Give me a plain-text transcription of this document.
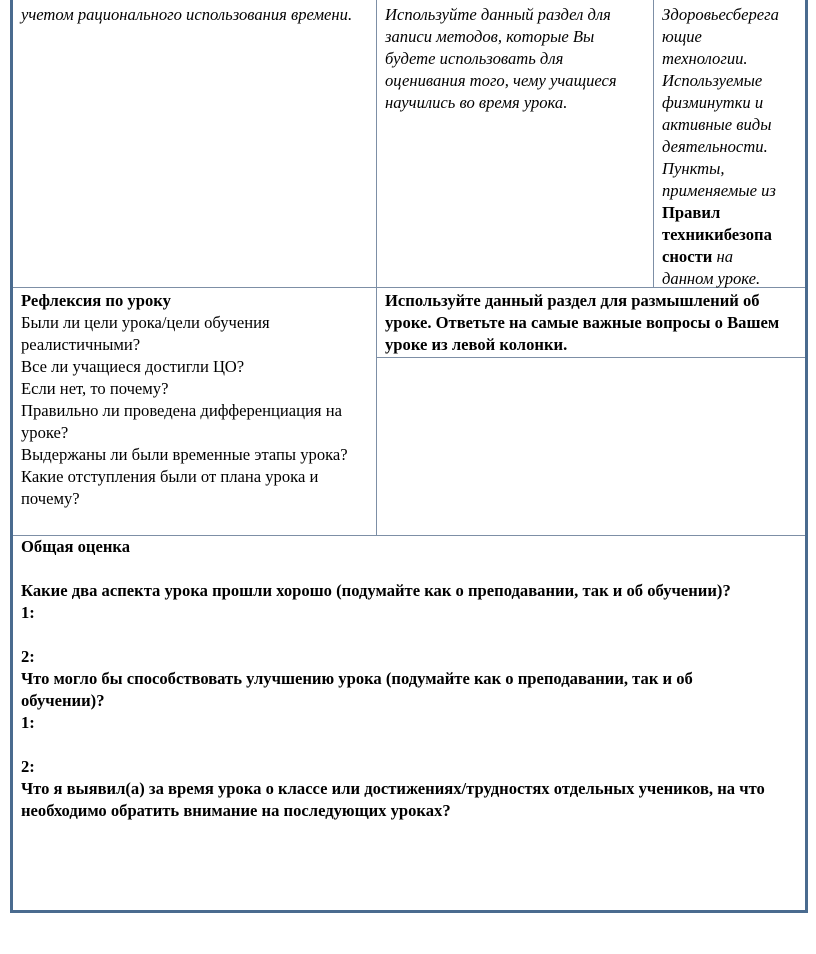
учетом рационального использования времени.	Используйте данный раздел для записи методов, которые Вы будете использовать для оценивания того, чему учащиеся научились во время урока.

Здоровьесберега
ющие
технологии.
Используемые
физминутки и
активные виды
деятельности.
Пункты,
применяемые из
Правил
техникибезопа
сности на
данном уроке.

Рефлексия по уроку

Были ли цели урока/цели обучения реалистичными?

Все ли учащиеся достигли ЦО?

Если нет, то почему?

Правильно ли проведена дифференциация на уроке?

Выдержаны ли были временные этапы урока?

Какие отступления были от плана урока и почему?

Используйте данный раздел для размышлений об уроке. Ответьте на самые важные вопросы о Вашем уроке из левой колонки.

Общая оценка

Какие два аспекта урока прошли хорошо (подумайте как о преподавании, так и об обучении)?

1:

2:

Что могло бы способствовать улучшению урока (подумайте как о преподавании, так и об обучении)?

1:

2:

Что я выявил(а) за время урока о классе или достижениях/трудностях отдельных учеников, на что необходимо обратить внимание на последующих уроках?
